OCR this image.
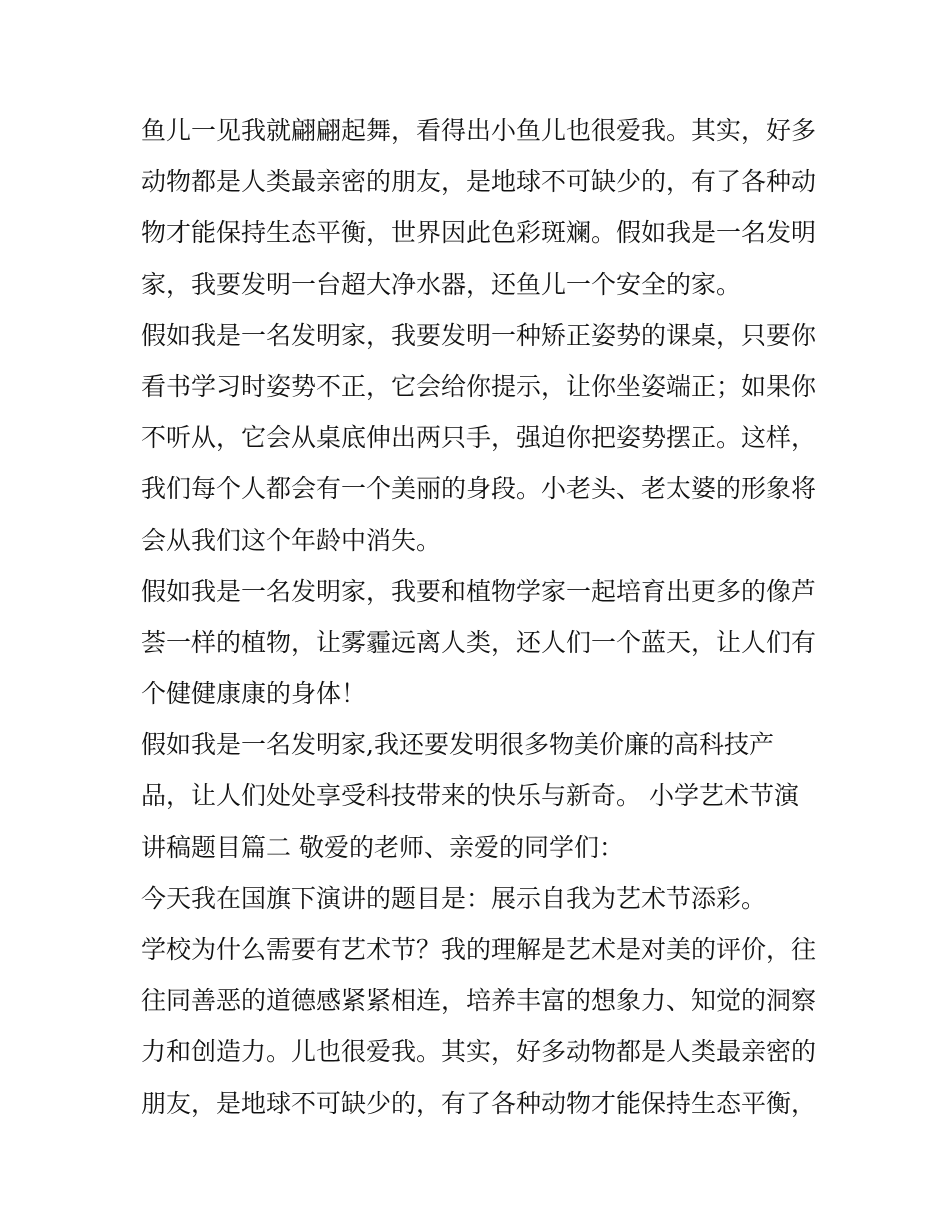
鱼儿一见我就翩翩起舞，看得出小鱼儿也很爱我。其实，好多
动物都是人类最亲密的朋友，是地球不可缺少的，有了各种动
物才能保持生态平衡，世界因此色彩斑斓。假如我是一名发明
家，我要发明一台超大净水器，还鱼儿一个安全的家。
假如我是一名发明家，我要发明一种矫正姿势的课桌，只要你
看书学习时姿势不正，它会给你提示，让你坐姿端正；如果你
不听从，它会从桌底伸出两只手，强迫你把姿势摆正。这样，
我们每个人都会有一个美丽的身段。小老头、老太婆的形象将
会从我们这个年龄中消失。
假如我是一名发明家，我要和植物学家一起培育出更多的像芦
荟一样的植物，让雾霾远离人类，还人们一个蓝天，让人们有
个健健康康的身体！
假如我是一名发明家,我还要发明很多物美价廉的高科技产
品，让人们处处享受科技带来的快乐与新奇。 小学艺术节演
讲稿题目篇二 敬爱的老师、亲爱的同学们：
今天我在国旗下演讲的题目是：展示自我为艺术节添彩。
学校为什么需要有艺术节？我的理解是艺术是对美的评价，往
往同善恶的道德感紧紧相连，培养丰富的想象力、知觉的洞察
力和创造力。儿也很爱我。其实，好多动物都是人类最亲密的
朋友，是地球不可缺少的，有了各种动物才能保持生态平衡，
